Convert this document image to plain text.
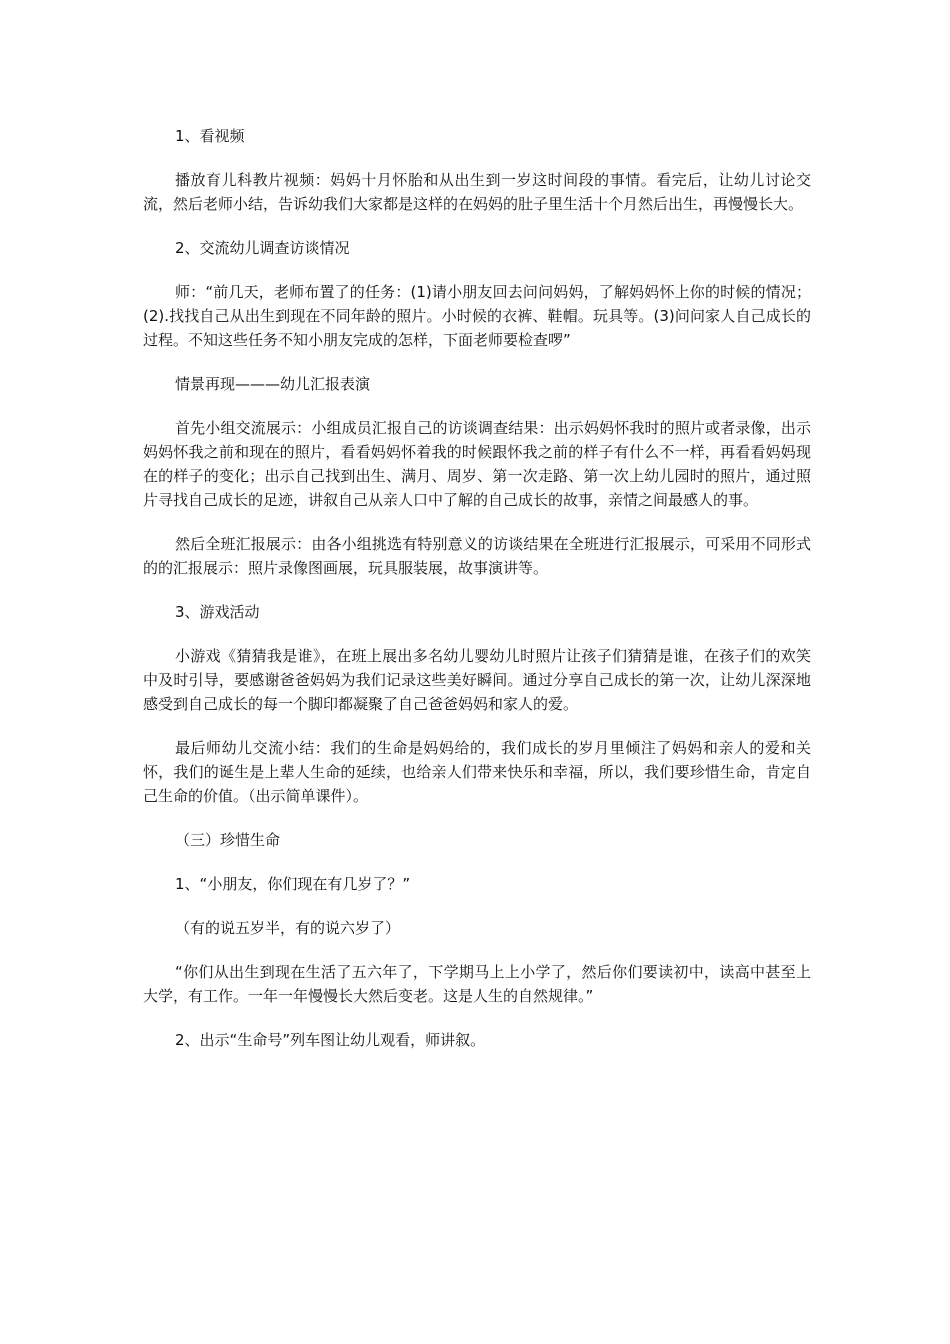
1、看视频

播放育儿科教片视频：妈妈十月怀胎和从出生到一岁这时间段的事情。看完后，让幼儿讨论交流，然后老师小结，告诉幼我们大家都是这样的在妈妈的肚子里生活十个月然后出生，再慢慢长大。

2、交流幼儿调查访谈情况

师：“前几天，老师布置了的任务：(1)请小朋友回去问问妈妈，了解妈妈怀上你的时候的情况；(2).找找自己从出生到现在不同年龄的照片。小时候的衣裤、鞋帽。玩具等。(3)问问家人自己成长的过程。不知这些任务不知小朋友完成的怎样，下面老师要检查啰”

情景再现———幼儿汇报表演

首先小组交流展示：小组成员汇报自己的访谈调查结果：出示妈妈怀我时的照片或者录像，出示妈妈怀我之前和现在的照片，看看妈妈怀着我的时候跟怀我之前的样子有什么不一样，再看看妈妈现在的样子的变化；出示自己找到出生、满月、周岁、第一次走路、第一次上幼儿园时的照片，通过照片寻找自己成长的足迹，讲叙自己从亲人口中了解的自己成长的故事，亲情之间最感人的事。

然后全班汇报展示：由各小组挑选有特别意义的访谈结果在全班进行汇报展示，可采用不同形式的的汇报展示：照片录像图画展，玩具服装展，故事演讲等。

3、游戏活动

小游戏《猜猜我是谁》，在班上展出多名幼儿婴幼儿时照片让孩子们猜猜是谁，在孩子们的欢笑中及时引导，要感谢爸爸妈妈为我们记录这些美好瞬间。通过分享自己成长的第一次，让幼儿深深地感受到自己成长的每一个脚印都凝聚了自己爸爸妈妈和家人的爱。

最后师幼儿交流小结：我们的生命是妈妈给的，我们成长的岁月里倾注了妈妈和亲人的爱和关怀，我们的诞生是上辈人生命的延续，也给亲人们带来快乐和幸福，所以，我们要珍惜生命，肯定自己生命的价值。（出示简单课件）。

（三）珍惜生命

1、“小朋友，你们现在有几岁了？”

（有的说五岁半，有的说六岁了）

“你们从出生到现在生活了五六年了，下学期马上上小学了，然后你们要读初中，读高中甚至上大学，有工作。一年一年慢慢长大然后变老。这是人生的自然规律。”

2、出示“生命号”列车图让幼儿观看，师讲叙。
